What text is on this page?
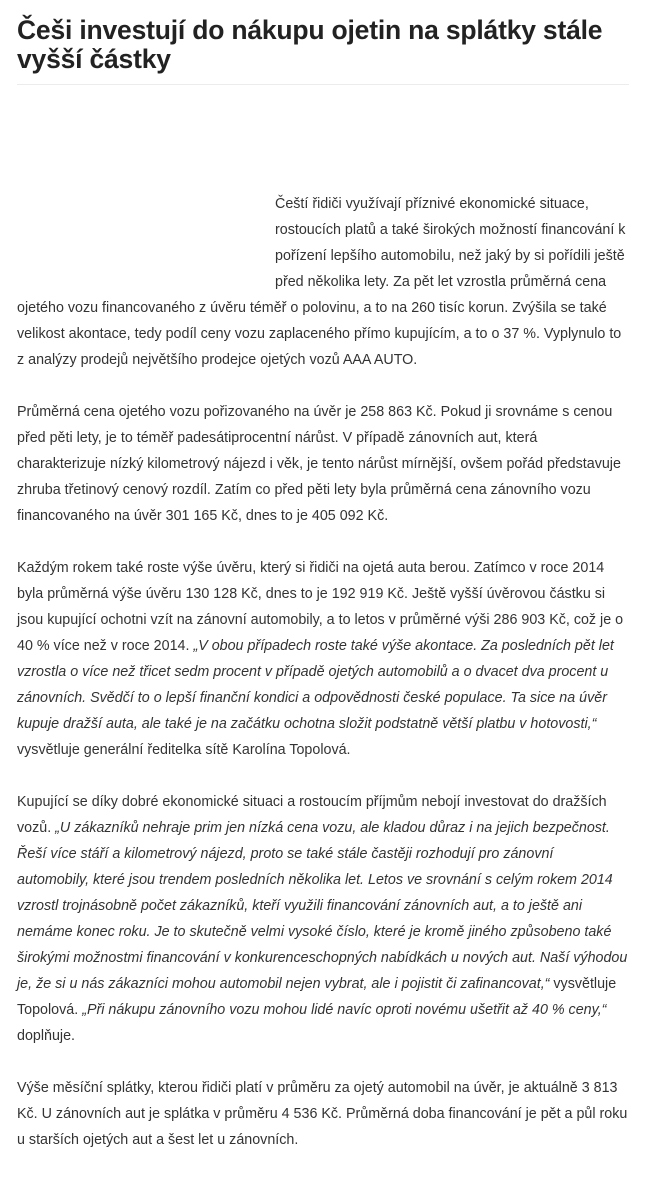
Češi investují do nákupu ojetin na splátky stále vyšší částky

Čeští řidiči využívají příznivé ekonomické situace, rostoucích platů a také širokých možností financování k pořízení lepšího automobilu, než jaký by si pořídili ještě před několika lety. Za pět let vzrostla průměrná cena ojetého vozu financovaného z úvěru téměř o polovinu, a to na 260 tisíc korun. Zvýšila se také velikost akontace, tedy podíl ceny vozu zaplaceného přímo kupujícím, a to o 37 %. Vyplynulo to z analýzy prodejů největšího prodejce ojetých vozů AAA AUTO.

Průměrná cena ojetého vozu pořizovaného na úvěr je 258 863 Kč. Pokud ji srovnáme s cenou před pěti lety, je to téměř padesátiprocentní nárůst. V případě zánovních aut, která charakterizuje nízký kilometrový nájezd i věk, je tento nárůst mírnější, ovšem pořád představuje zhruba třetinový cenový rozdíl. Zatím co před pěti lety byla průměrná cena zánovního vozu financovaného na úvěr 301 165 Kč, dnes to je 405 092 Kč.

Každým rokem také roste výše úvěru, který si řidiči na ojetá auta berou. Zatímco v roce 2014 byla průměrná výše úvěru 130 128 Kč, dnes to je 192 919 Kč. Ještě vyšší úvěrovou částku si jsou kupující ochotni vzít na zánovní automobily, a to letos v průměrné výši 286 903 Kč, což je o 40 % více než v roce 2014. „V obou případech roste také výše akontace. Za posledních pět let vzrostla o více než třicet sedm procent v případě ojetých automobilů a o dvacet dva procent u zánovních. Svědčí to o lepší finanční kondici a odpovědnosti české populace. Ta sice na úvěr kupuje dražší auta, ale také je na začátku ochotna složit podstatně větší platbu v hotovosti,“ vysvětluje generální ředitelka sítě Karolína Topolová.

Kupující se díky dobré ekonomické situaci a rostoucím příjmům nebojí investovat do dražších vozů. „U zákazníků nehraje prim jen nízká cena vozu, ale kladou důraz i na jejich bezpečnost. Řeší více stáří a kilometrový nájezd, proto se také stále častěji rozhodují pro zánovní automobily, které jsou trendem posledních několika let. Letos ve srovnání s celým rokem 2014 vzrostl trojnásobně počet zákazníků, kteří využili financování zánovních aut, a to ještě ani nemáme konec roku. Je to skutečně velmi vysoké číslo, které je kromě jiného způsobeno také širokými možnostmi financování v konkurenceschopných nabídkách u nových aut. Naší výhodou je, že si u nás zákazníci mohou automobil nejen vybrat, ale i pojistit či zafinancovat,“ vysvětluje Topolová. „Při nákupu zánovního vozu mohou lidé navíc oproti novému ušetřit až 40 % ceny,“ doplňuje.

Výše měsíční splátky, kterou řidiči platí v průměru za ojetý automobil na úvěr, je aktuálně 3 813 Kč. U zánovních aut je splátka v průměru 4 536 Kč. Průměrná doba financování je pět a půl roku u starších ojetých aut a šest let u zánovních.
